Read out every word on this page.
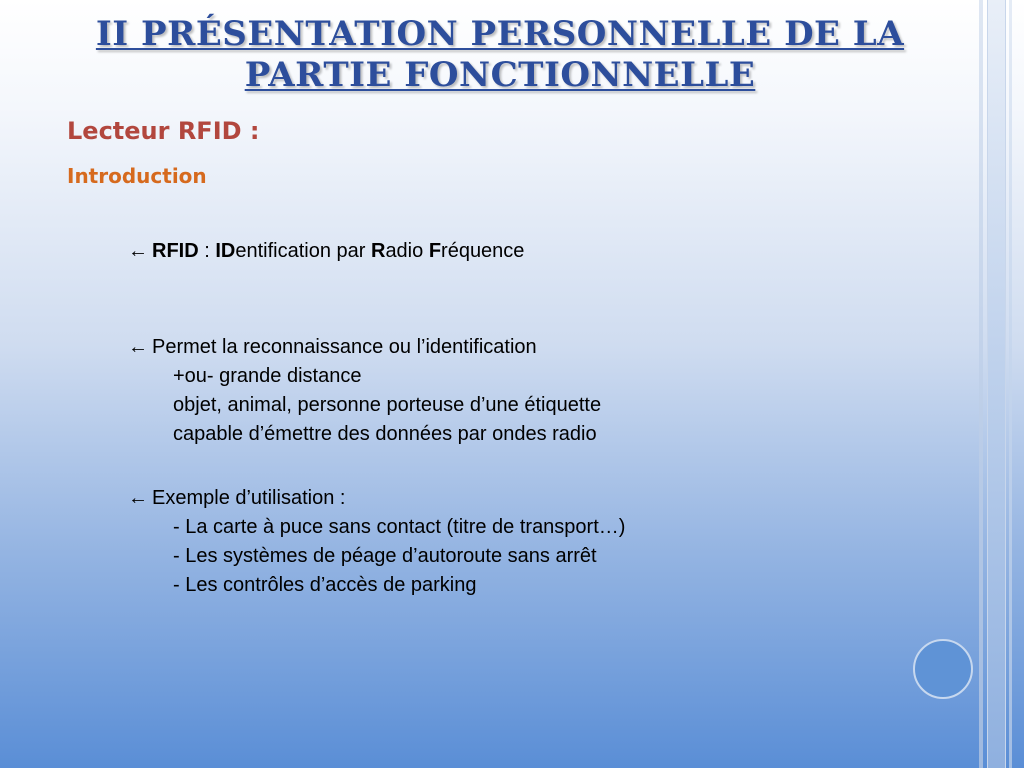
II PRÉSENTATION PERSONNELLE DE LA PARTIE FONCTIONNELLE
Lecteur RFID :
Introduction
← RFID : IDentification par Radio Fréquence
← Permet la reconnaissance ou l’identification
+ou- grande distance
objet, animal, personne porteuse d’une étiquette
capable d’émettre des données par ondes radio
← Exemple d’utilisation :
- La carte à puce sans contact (titre de transport…)
- Les systèmes de péage d’autoroute sans arrêt
- Les contrôles d’accès de parking
